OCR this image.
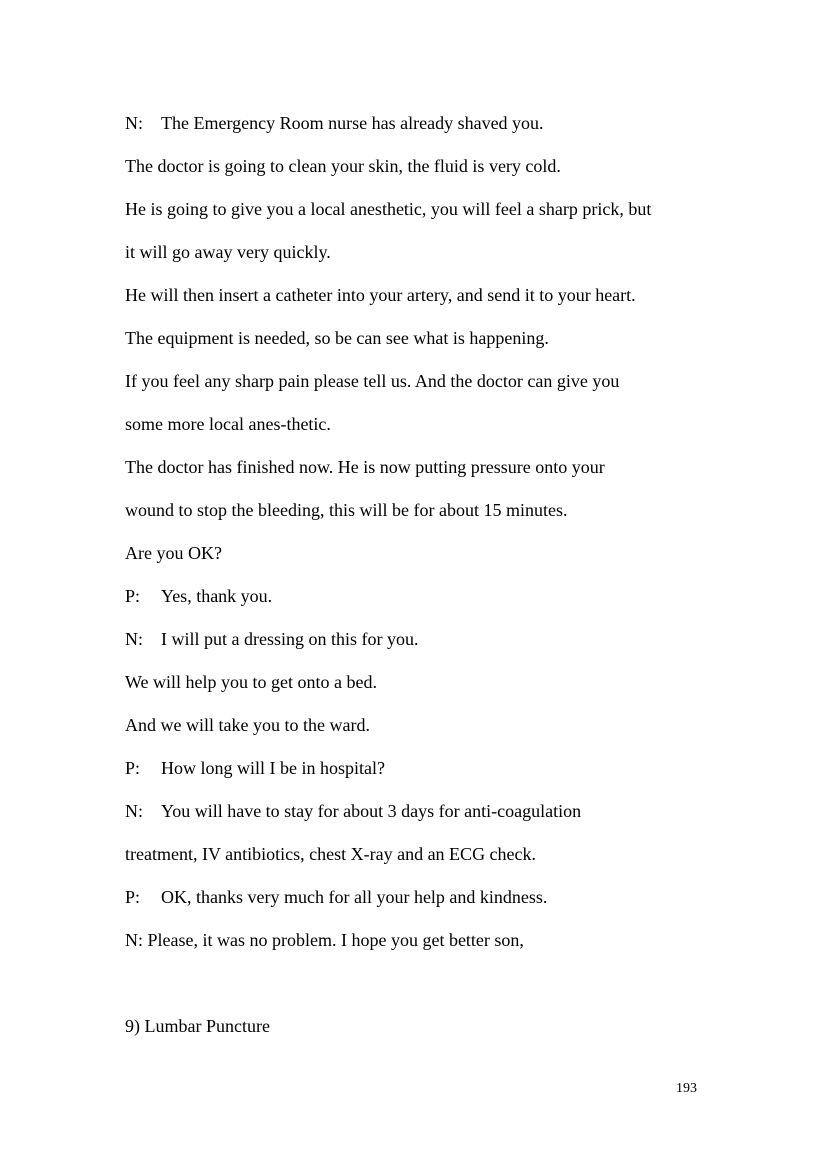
N: The Emergency Room nurse has already shaved you.
The doctor is going to clean your skin, the fluid is very cold.
He is going to give you a local anesthetic, you will feel a sharp prick, but
it will go away very quickly.
He will then insert a catheter into your artery, and send it to your heart.
The equipment is needed, so be can see what is happening.
If you feel any sharp pain please tell us. And the doctor can give you
some more local anes-thetic.
The doctor has finished now. He is now putting pressure onto your
wound to stop the bleeding, this will be for about 15 minutes.
Are you OK?
P: Yes, thank you.
N: I will put a dressing on this for you.
We will help you to get onto a bed.
And we will take you to the ward.
P: How long will I be in hospital?
N: You will have to stay for about 3 days for anti-coagulation
treatment, IV antibiotics, chest X-ray and an ECG check.
P: OK, thanks very much for all your help and kindness.
N: Please, it was no problem. I hope you get better son,
9) Lumbar Puncture
193
